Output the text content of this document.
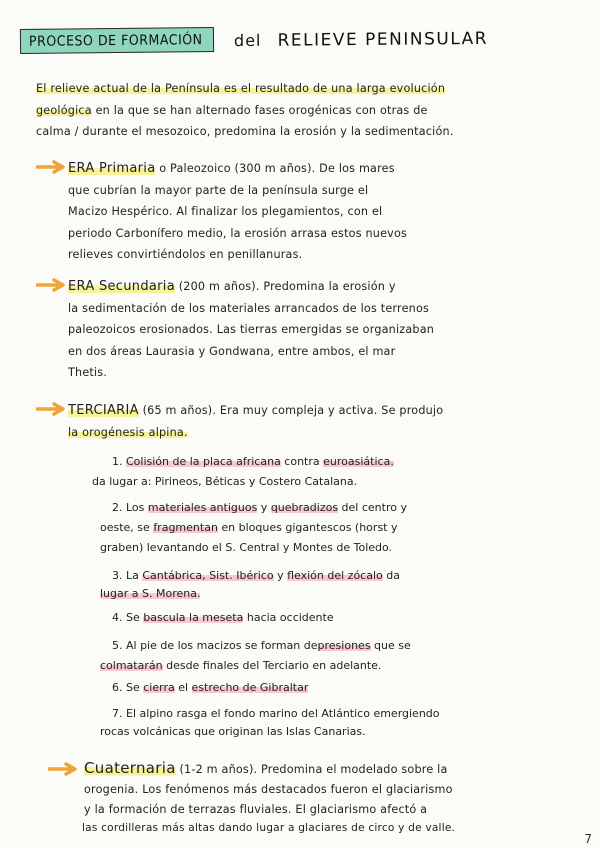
PROCESO DE FORMACIÓN	del RELIEVE PENINSULAR
El relieve actual de la Península es el resultado de una larga evolución
geológica en la que se han alternado fases orogénicas con otras de
calma / durante el mesozoico, predomina la erosión y la sedimentación.
ERA Primaria o Paleozoico (300 m años). De los mares
que cubrían la mayor parte de la península surge el
Macizo Hespérico. Al finalizar los plegamientos, con el
periodo Carbonífero medio, la erosión arrasa estos nuevos
relieves convirtiéndolos en penillanuras.
ERA Secundaria (200 m años). Predomina la erosión y
la sedimentación de los materiales arrancados de los terrenos
paleozoicos erosionados. Las tierras emergidas se organizaban
en dos áreas Laurasia y Gondwana, entre ambos, el mar
Thetis.
TERCIARIA (65 m años). Era muy compleja y activa. Se produjo
la orogénesis alpina.
1. Colisión de la placa africana contra euroasiática.
da lugar a: Pirineos, Béticas y Costero Catalana.
2. Los materiales antiguos y quebradizos del centro y
oeste, se fragmentan en bloques gigantescos (horst y
graben) levantando el S. Central y Montes de Toledo.
3. La Cantábrica, Sist. Ibérico y flexión del zócalo da
lugar a S. Morena.
4. Se bascula la meseta hacia occidente
5. Al pie de los macizos se forman depresiones que se
colmatarán desde finales del Terciario en adelante.
6. Se cierra el estrecho de Gibraltar
7. El alpino rasga el fondo marino del Atlántico emergiendo
rocas volcánicas que originan las Islas Canarias.
Cuaternaria (1-2 m años). Predomina el modelado sobre la
orogenia. Los fenómenos más destacados fueron el glaciarismo
y la formación de terrazas fluviales. El glaciarismo afectó a
las cordilleras más altas dando lugar a glaciares de circo y de valle.
7
